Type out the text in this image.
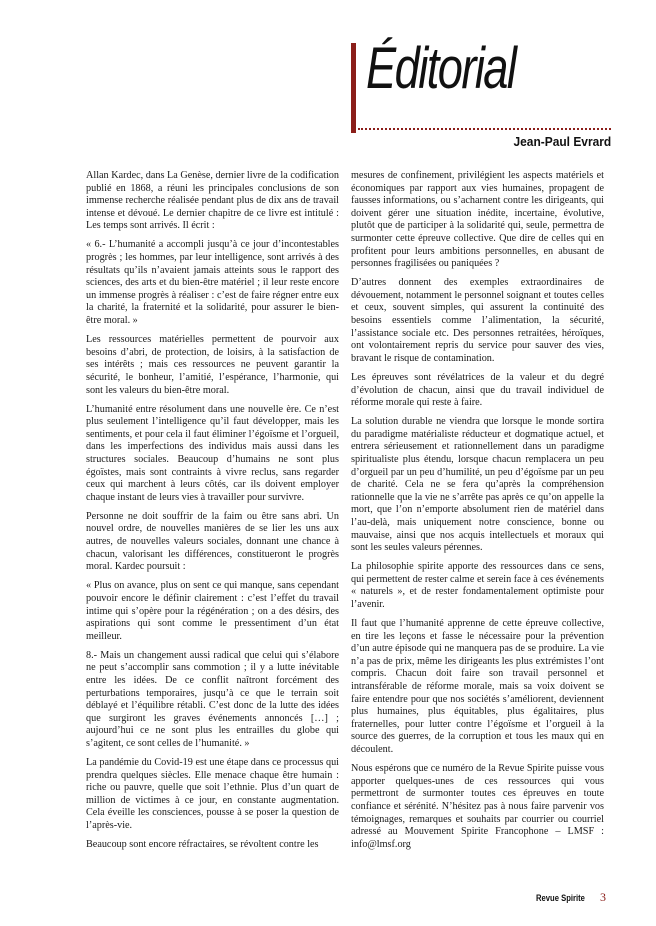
Éditorial
Jean-Paul Evrard

Allan Kardec, dans La Genèse, dernier livre de la codification publié en 1868, a réuni les principales conclusions de son immense recherche réalisée pendant plus de dix ans de travail intense et dévoué. Le dernier chapitre de ce livre est intitulé : Les temps sont arrivés. Il écrit :

« 6.- L’humanité a accompli jusqu’à ce jour d’incontestables progrès ; les hommes, par leur intelligence, sont arrivés à des résultats qu’ils n’avaient jamais atteints sous le rapport des sciences, des arts et du bien-être matériel ; il leur reste encore un immense progrès à réaliser : c’est de faire régner entre eux la charité, la fraternité et la solidarité, pour assurer le bien-être moral. »

Les ressources matérielles permettent de pourvoir aux besoins d’abri, de protection, de loisirs, à la satisfaction de ses intérêts ; mais ces ressources ne peuvent garantir la sécurité, le bonheur, l’amitié, l’espérance, l’harmonie, qui sont les valeurs du bien-être moral.

L’humanité entre résolument dans une nouvelle ère. Ce n’est plus seulement l’intelligence qu’il faut développer, mais les sentiments, et pour cela il faut éliminer l’égoïsme et l’orgueil, dans les imperfections des individus mais aussi dans les structures sociales. Beaucoup d’humains ne sont plus égoïstes, mais sont contraints à vivre reclus, sans regarder ceux qui marchent à leurs côtés, car ils doivent employer chaque instant de leurs vies à travailler pour survivre.

Personne ne doit souffrir de la faim ou être sans abri. Un nouvel ordre, de nouvelles manières de se lier les uns aux autres, de nouvelles valeurs sociales, donnant une chance à chacun, valorisant les différences, constitueront le progrès moral. Kardec poursuit :

« Plus on avance, plus on sent ce qui manque, sans cependant pouvoir encore le définir clairement : c’est l’effet du travail intime qui s’opère pour la régénération ; on a des désirs, des aspirations qui sont comme le pressentiment d’un état meilleur.

8.- Mais un changement aussi radical que celui qui s’élabore ne peut s’accomplir sans commotion ; il y a lutte inévitable entre les idées. De ce conflit naîtront forcément des perturbations temporaires, jusqu’à ce que le terrain soit déblayé et l’équilibre rétabli. C’est donc de la lutte des idées que surgiront les graves événements annoncés […] ; aujourd’hui ce ne sont plus les entrailles du globe qui s’agitent, ce sont celles de l’humanité. »

La pandémie du Covid-19 est une étape dans ce processus qui prendra quelques siècles. Elle menace chaque être humain : riche ou pauvre, quelle que soit l’ethnie. Plus d’un quart de million de victimes à ce jour, en constante augmentation. Cela éveille les consciences, pousse à se poser la question de l’après-vie.

Beaucoup sont encore réfractaires, se révoltent contre les

mesures de confinement, privilégient les aspects matériels et économiques par rapport aux vies humaines, propagent de fausses informations, ou s’acharnent contre les dirigeants, qui doivent gérer une situation inédite, incertaine, évolutive, plutôt que de participer à la solidarité qui, seule, permettra de surmonter cette épreuve collective. Que dire de celles qui en profitent pour leurs ambitions personnelles, en abusant de personnes fragilisées ou paniquées ?

D’autres donnent des exemples extraordinaires de dévouement, notamment le personnel soignant et toutes celles et ceux, souvent simples, qui assurent la continuité des besoins essentiels comme l’alimentation, la sécurité, l’assistance sociale etc. Des personnes retraitées, héroïques, ont volontairement repris du service pour sauver des vies, bravant le risque de contamination.

Les épreuves sont révélatrices de la valeur et du degré d’évolution de chacun, ainsi que du travail individuel de réforme morale qui reste à faire.

La solution durable ne viendra que lorsque le monde sortira du paradigme matérialiste réducteur et dogmatique actuel, et entrera sérieusement et rationnellement dans un paradigme spiritualiste plus étendu, lorsque chacun remplacera un peu d’orgueil par un peu d’humilité, un peu d’égoïsme par un peu de charité. Cela ne se fera qu’après la compréhension rationnelle que la vie ne s’arrête pas après ce qu’on appelle la mort, que l’on n’emporte absolument rien de matériel dans l’au-delà, mais uniquement notre conscience, bonne ou mauvaise, ainsi que nos acquis intellectuels et moraux qui sont les seules valeurs pérennes.

La philosophie spirite apporte des ressources dans ce sens, qui permettent de rester calme et serein face à ces événements « naturels », et de rester fondamentalement optimiste pour l’avenir.

Il faut que l’humanité apprenne de cette épreuve collective, en tire les leçons et fasse le nécessaire pour la prévention d’un autre épisode qui ne manquera pas de se produire. La vie n’a pas de prix, même les dirigeants les plus extrémistes l’ont compris. Chacun doit faire son travail personnel et intransférable de réforme morale, mais sa voix doivent se faire entendre pour que nos sociétés s’améliorent, deviennent plus humaines, plus équitables, plus égalitaires, plus fraternelles, pour lutter contre l’égoïsme et l’orgueil à la source des guerres, de la corruption et tous les maux qui en découlent.

Nous espérons que ce numéro de la Revue Spirite puisse vous apporter quelques-unes de ces ressources qui vous permettront de surmonter toutes ces épreuves en toute confiance et sérénité. N’hésitez pas à nous faire parvenir vos témoignages, remarques et souhaits par courrier ou courriel adressé au Mouvement Spirite Francophone – LMSF : info@lmsf.org

Revue Spirite 3
